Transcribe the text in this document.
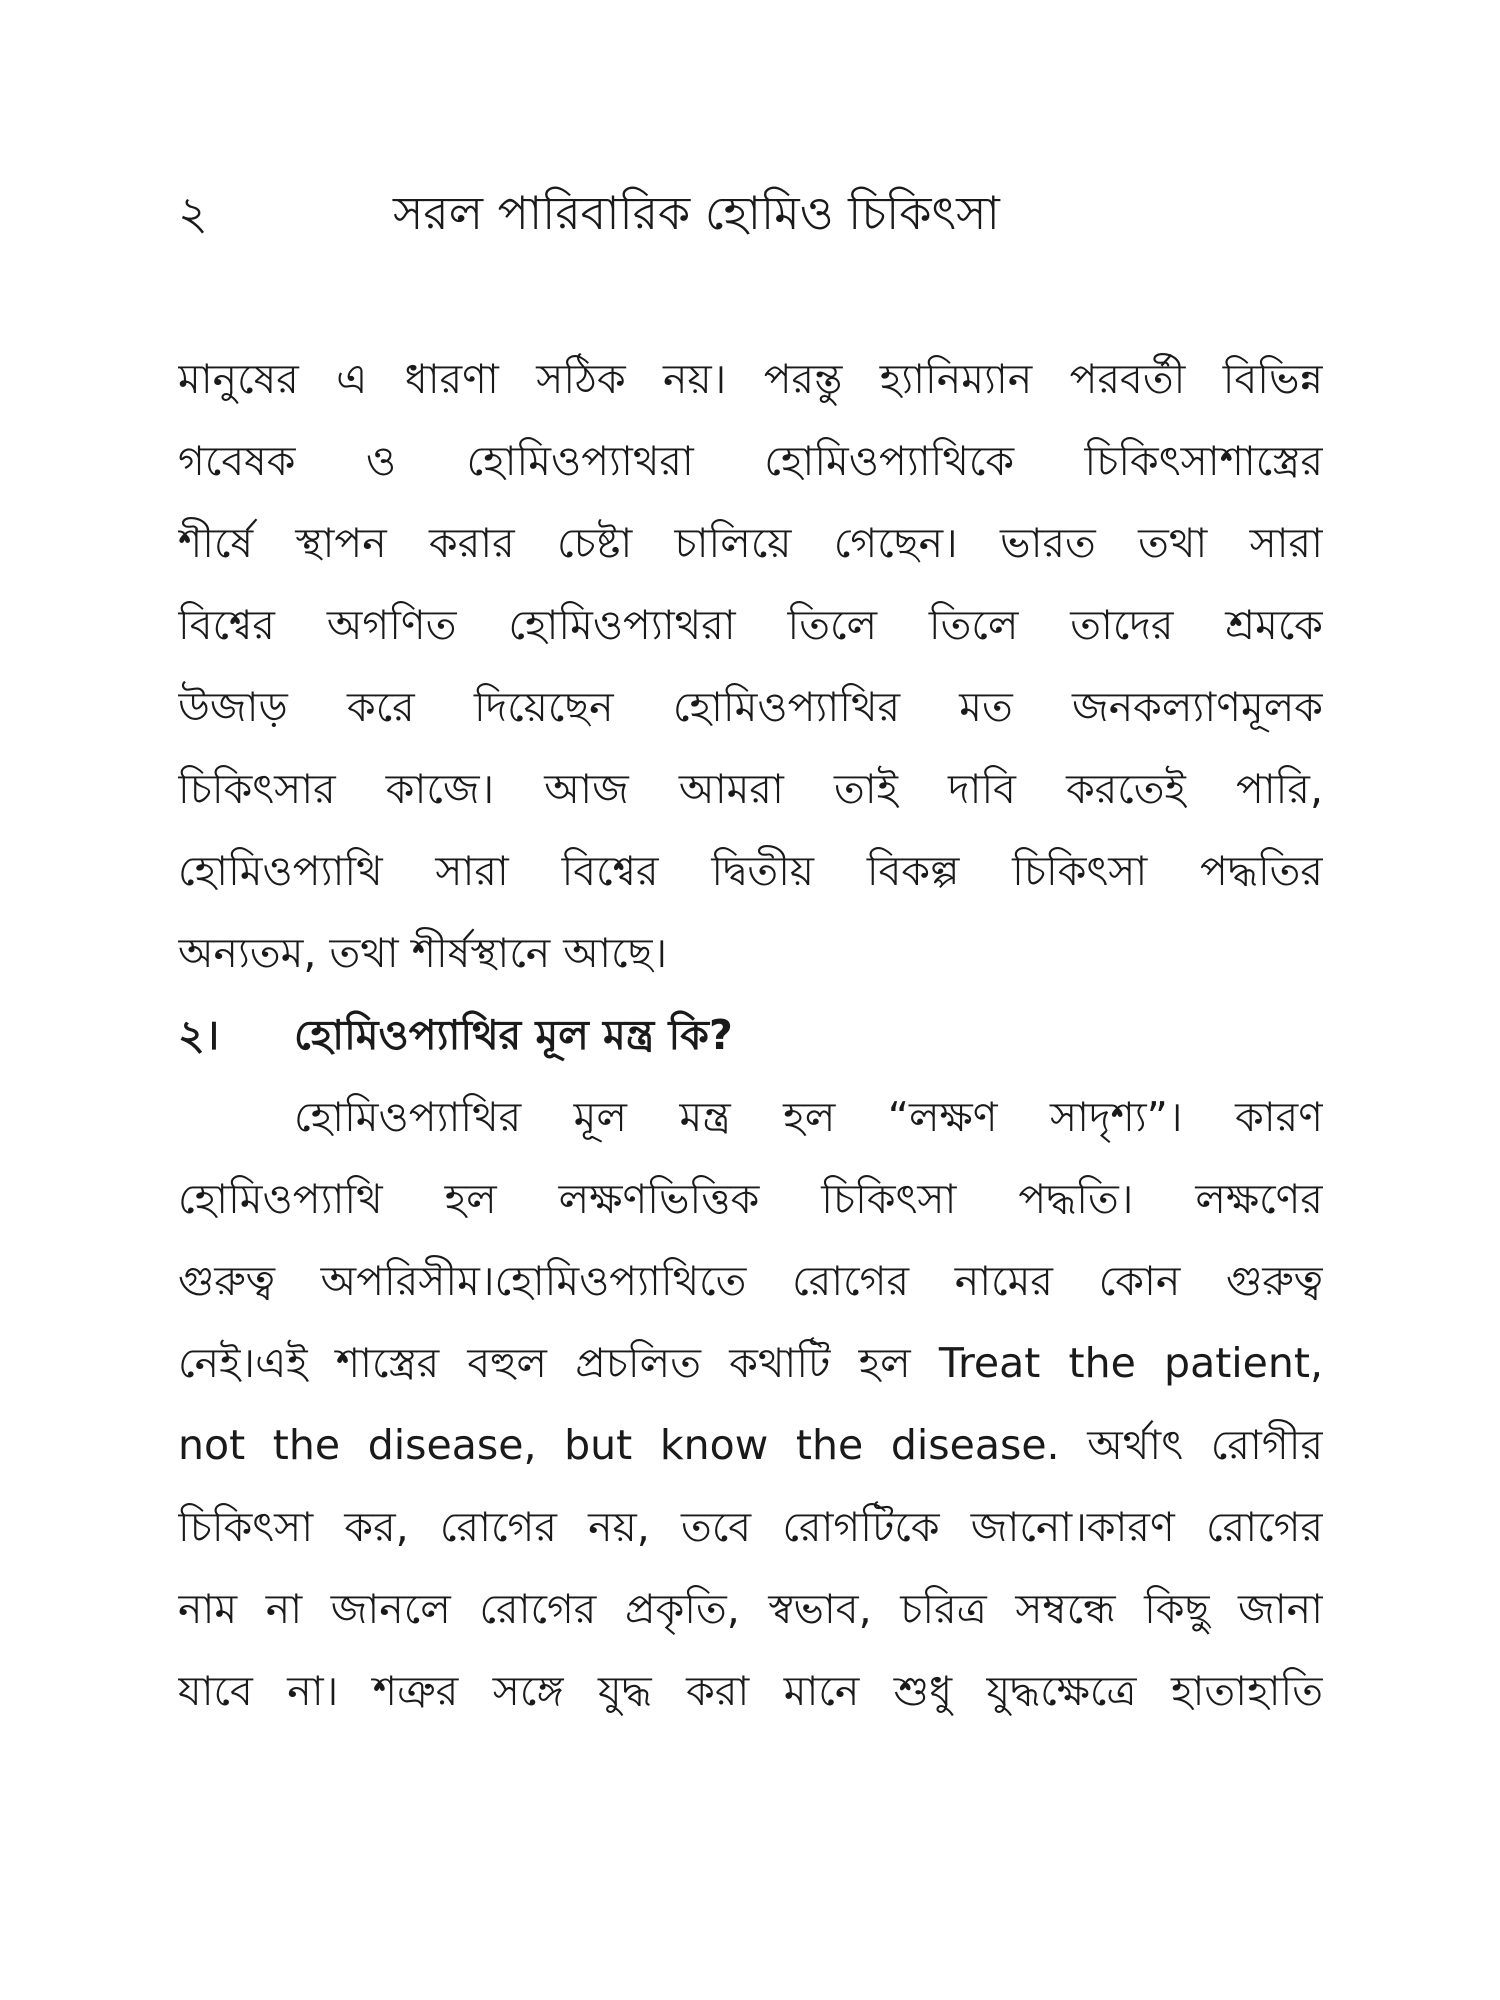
২	সরল পারিবারিক হোমিও চিকিৎসা
মানুষের এ ধারণা সঠিক নয়। পরন্তু হ্যানিম্যান পরবর্তী বিভিন্ন
গবেষক ও হোমিওপ্যাথরা হোমিওপ্যাথিকে চিকিৎসাশাস্ত্রের
শীর্ষে স্থাপন করার চেষ্টা চালিয়ে গেছেন। ভারত তথা সারা
বিশ্বের অগণিত হোমিওপ্যাথরা তিলে তিলে তাদের শ্রমকে
উজাড় করে দিয়েছেন হোমিওপ্যাথির মত জনকল্যাণমূলক
চিকিৎসার কাজে। আজ আমরা তাই দাবি করতেই পারি,
হোমিওপ্যাথি সারা বিশ্বের দ্বিতীয় বিকল্প চিকিৎসা পদ্ধতির
অন্যতম, তথা শীর্ষস্থানে আছে।
২।	হোমিওপ্যাথির মূল মন্ত্র কি?
হোমিওপ্যাথির মূল মন্ত্র হল “লক্ষণ সাদৃশ্য”। কারণ
হোমিওপ্যাথি হল লক্ষণভিত্তিক চিকিৎসা পদ্ধতি। লক্ষণের
গুরুত্ব অপরিসীম।হোমিওপ্যাথিতে রোগের নামের কোন গুরুত্ব
নেই।এই শাস্ত্রের বহুল প্রচলিত কথাটি হল Treat the patient,
not the disease, but know the disease. অর্থাৎ রোগীর
চিকিৎসা কর, রোগের নয়, তবে রোগটিকে জানো।কারণ রোগের
নাম না জানলে রোগের প্রকৃতি, স্বভাব, চরিত্র সম্বন্ধে কিছু জানা
যাবে না। শত্রুর সঙ্গে যুদ্ধ করা মানে শুধু যুদ্ধক্ষেত্রে হাতাহাতি
